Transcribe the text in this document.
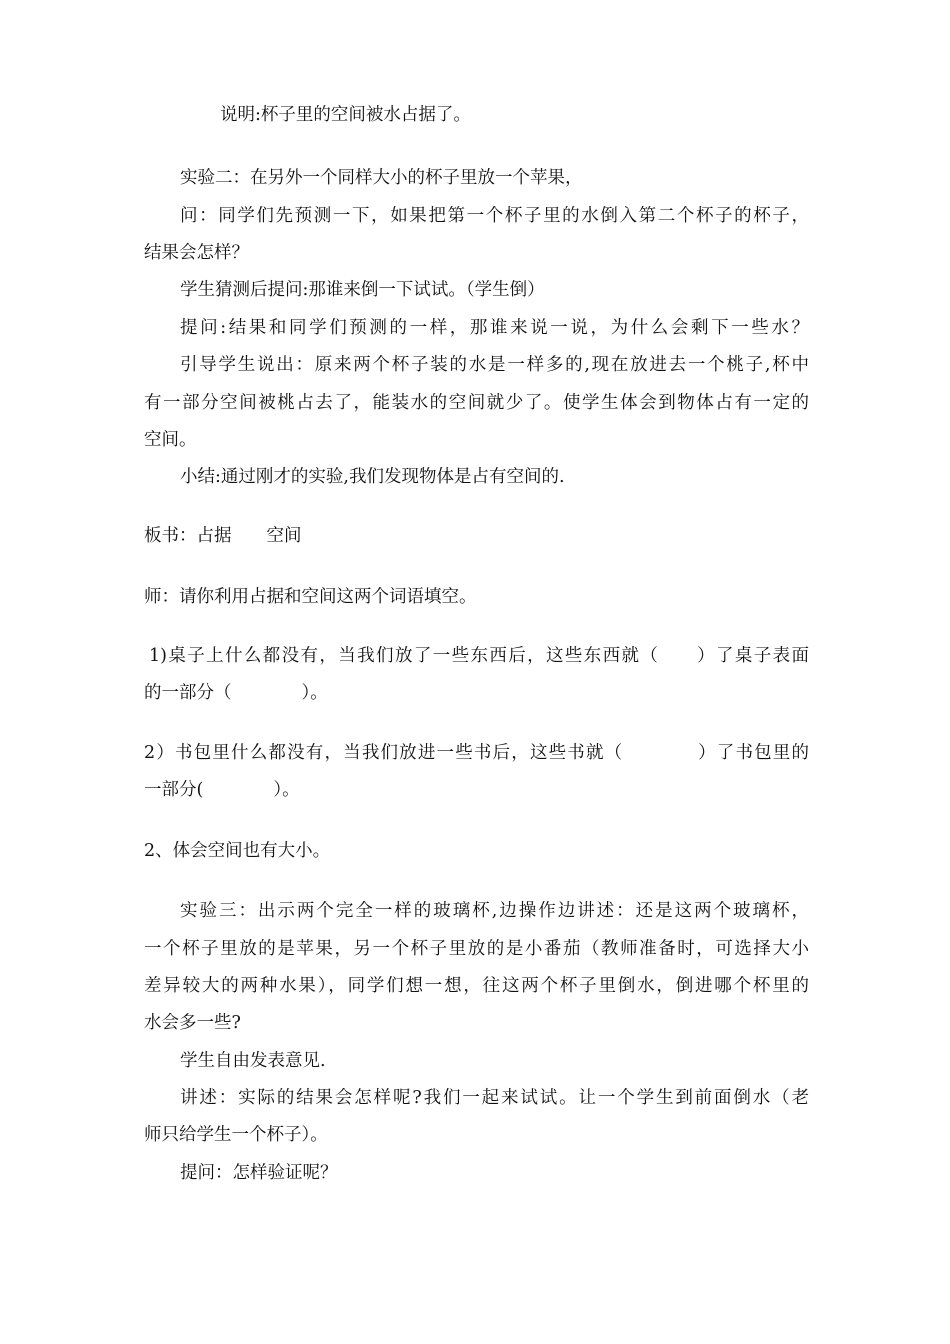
说明:杯子里的空间被水占据了。

实验二：在另外一个同样大小的杯子里放一个苹果，

问：同学们先预测一下，如果把第一个杯子里的水倒入第二个杯子的杯子，

结果会怎样？

学生猜测后提问:那谁来倒一下试试。（学生倒）

提问:结果和同学们预测的一样，那谁来说一说，为什么会剩下一些水？

引导学生说出：原来两个杯子装的水是一样多的,现在放进去一个桃子,杯中

有一部分空间被桃占去了，能装水的空间就少了。使学生体会到物体占有一定的

空间。

小结:通过刚才的实验,我们发现物体是占有空间的.

板书：占据　　空间

师：请你利用占据和空间这两个词语填空。

1)桌子上什么都没有，当我们放了一些东西后，这些东西就（　　）了桌子表面

的一部分（　　　　）。

2）书包里什么都没有，当我们放进一些书后，这些书就（　　　　）了书包里的

一部分(　　　　）。

2、体会空间也有大小。

实验三：出示两个完全一样的玻璃杯,边操作边讲述：还是这两个玻璃杯，

一个杯子里放的是苹果，另一个杯子里放的是小番茄（教师准备时，可选择大小

差异较大的两种水果），同学们想一想，往这两个杯子里倒水，倒进哪个杯里的

水会多一些?

学生自由发表意见.

讲述：实际的结果会怎样呢?我们一起来试试。让一个学生到前面倒水（老

师只给学生一个杯子）。

提问：怎样验证呢？
